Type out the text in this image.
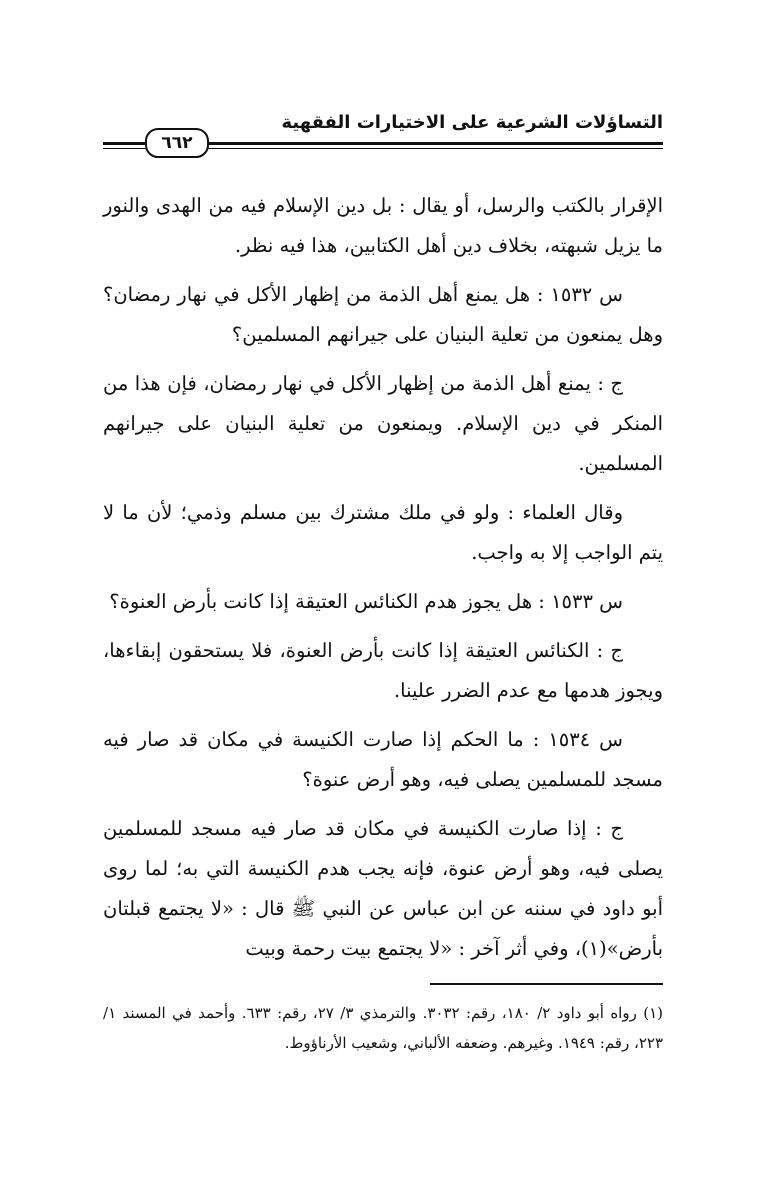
التساؤلات الشرعية على الاختيارات الفقهية
٦٦٢

الإقرار بالكتب والرسل، أو يقال : بل دين الإسلام فيه من الهدى والنور ما يزيل شبهته، بخلاف دين أهل الكتابين، هذا فيه نظر.

س ١٥٣٢ : هل يمنع أهل الذمة من إظهار الأكل في نهار رمضان؟ وهل يمنعون من تعلية البنيان على جيرانهم المسلمين؟

ج : يمنع أهل الذمة من إظهار الأكل في نهار رمضان، فإن هذا من المنكر في دين الإسلام. ويمنعون من تعلية البنيان على جيرانهم المسلمين.

وقال العلماء : ولو في ملك مشترك بين مسلم وذمي؛ لأن ما لا يتم الواجب إلا به واجب.

س ١٥٣٣ : هل يجوز هدم الكنائس العتيقة إذا كانت بأرض العنوة؟

ج : الكنائس العتيقة إذا كانت بأرض العنوة، فلا يستحقون إبقاءها، ويجوز هدمها مع عدم الضرر علينا.

س ١٥٣٤ : ما الحكم إذا صارت الكنيسة في مكان قد صار فيه مسجد للمسلمين يصلى فيه، وهو أرض عنوة؟

ج : إذا صارت الكنيسة في مكان قد صار فيه مسجد للمسلمين يصلى فيه، وهو أرض عنوة، فإنه يجب هدم الكنيسة التي به؛ لما روى أبو داود في سننه عن ابن عباس عن النبي ﷺ قال : «لا يجتمع قبلتان بأرض»(١)، وفي أثر آخر : «لا يجتمع بيت رحمة وبيت

(١) رواه أبو داود ٢/ ١٨٠، رقم: ٣٠٣٢. والترمذي ٣/ ٢٧، رقم: ٦٣٣. وأحمد في المسند ١/ ٢٢٣، رقم: ١٩٤٩. وغيرهم. وضعفه الألباني، وشعيب الأرناؤوط.
